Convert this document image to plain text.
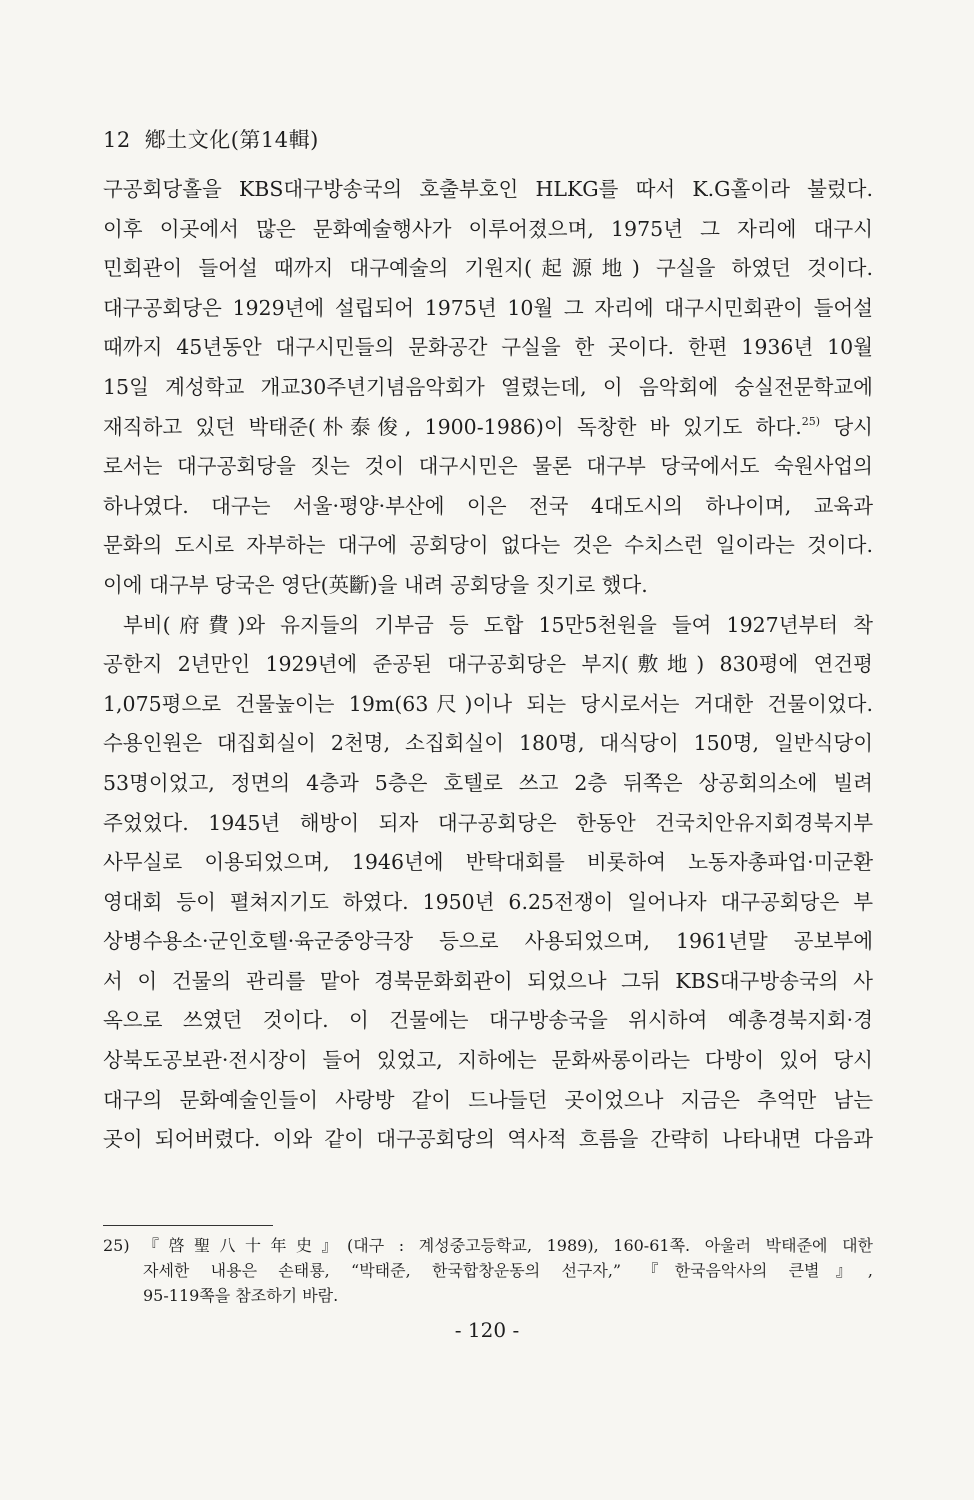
12 鄕土文化(第14輯)
구공회당홀을 KBS대구방송국의 호출부호인 HLKG를 따서 K.G홀이라 불렀다.
이후 이곳에서 많은 문화예술행사가 이루어졌으며, 1975년 그 자리에 대구시
민회관이 들어설 때까지 대구예술의 기원지(起源地) 구실을 하였던 것이다.
대구공회당은 1929년에 설립되어 1975년 10월 그 자리에 대구시민회관이 들어설
때까지 45년동안 대구시민들의 문화공간 구실을 한 곳이다. 한편 1936년 10월
15일 계성학교 개교30주년기념음악회가 열렸는데, 이 음악회에 숭실전문학교에
재직하고 있던 박태준(朴泰俊, 1900-1986)이 독창한 바 있기도 하다.$^{25)}$ 당시
로서는 대구공회당을 짓는 것이 대구시민은 물론 대구부 당국에서도 숙원사업의
하나였다. 대구는 서울·평양·부산에 이은 전국 4대도시의 하나이며, 교육과
문화의 도시로 자부하는 대구에 공회당이 없다는 것은 수치스런 일이라는 것이다.
이에 대구부 당국은 영단(英斷)을 내려 공회당을 짓기로 했다.
부비(府費)와 유지들의 기부금 등 도합 15만5천원을 들여 1927년부터 착
공한지 2년만인 1929년에 준공된 대구공회당은 부지(敷地) 830평에 연건평
1,075평으로 건물높이는 19m(63尺)이나 되는 당시로서는 거대한 건물이었다.
수용인원은 대집회실이 2천명, 소집회실이 180명, 대식당이 150명, 일반식당이
53명이었고, 정면의 4층과 5층은 호텔로 쓰고 2층 뒤쪽은 상공회의소에 빌려
주었었다. 1945년 해방이 되자 대구공회당은 한동안 건국치안유지회경북지부
사무실로 이용되었으며, 1946년에 반탁대회를 비롯하여 노동자총파업·미군환
영대회 등이 펼쳐지기도 하였다. 1950년 6.25전쟁이 일어나자 대구공회당은 부
상병수용소·군인호텔·육군중앙극장 등으로 사용되었으며, 1961년말 공보부에
서 이 건물의 관리를 맡아 경북문화회관이 되었으나 그뒤 KBS대구방송국의 사
옥으로 쓰였던 것이다. 이 건물에는 대구방송국을 위시하여 예총경북지회·경
상북도공보관·전시장이 들어 있었고, 지하에는 문화싸롱이라는 다방이 있어 당시
대구의 문화예술인들이 사랑방 같이 드나들던 곳이었으나 지금은 추억만 남는
곳이 되어버렸다. 이와 같이 대구공회당의 역사적 흐름을 간략히 나타내면 다음과
25) 『啓聖八十年史』(대구 : 계성중고등학교, 1989), 160-61쪽. 아울러 박태준에 대한
자세한 내용은 손태룡, “박태준, 한국합창운동의 선구자,” 『한국음악사의 큰별』,
95-119쪽을 참조하기 바람.
- 120 -
